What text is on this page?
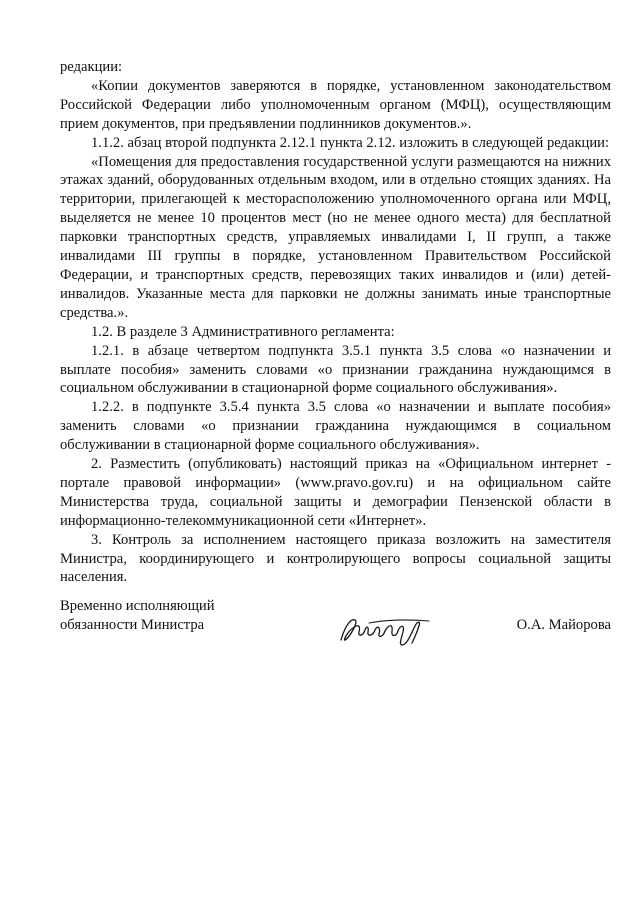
редакции:

«Копии документов заверяются в порядке, установленном законодательством Российской Федерации либо уполномоченным органом (МФЦ), осуществляющим прием документов, при предъявлении подлинников документов.».

1.1.2. абзац второй подпункта 2.12.1 пункта 2.12. изложить в следующей редакции:

«Помещения для предоставления государственной услуги размещаются на нижних этажах зданий, оборудованных отдельным входом, или в отдельно стоящих зданиях. На территории, прилегающей к месторасположению уполномоченного органа или МФЦ, выделяется не менее 10 процентов мест (но не менее одного места) для бесплатной парковки транспортных средств, управляемых инвалидами I, II групп, а также инвалидами III группы в порядке, установленном Правительством Российской Федерации, и транспортных средств, перевозящих таких инвалидов и (или) детей-инвалидов. Указанные места для парковки не должны занимать иные транспортные средства.».

1.2. В разделе 3 Административного регламента:

1.2.1. в абзаце четвертом подпункта 3.5.1 пункта 3.5 слова «о назначении и выплате пособия» заменить словами «о признании гражданина нуждающимся в социальном обслуживании в стационарной форме социального обслуживания».

1.2.2. в подпункте 3.5.4 пункта 3.5 слова «о назначении и выплате пособия» заменить словами «о признании гражданина нуждающимся в социальном обслуживании в стационарной форме социального обслуживания».

2. Разместить (опубликовать) настоящий приказ на «Официальном интернет - портале правовой информации» (www.pravo.gov.ru) и на официальном сайте Министерства труда, социальной защиты и демографии Пензенской области в информационно-телекоммуникационной сети «Интернет».

3. Контроль за исполнением настоящего приказа возложить на заместителя Министра, координирующего и контролирующего вопросы социальной защиты населения.

Временно исполняющий
обязанности Министра	О.А. Майорова
